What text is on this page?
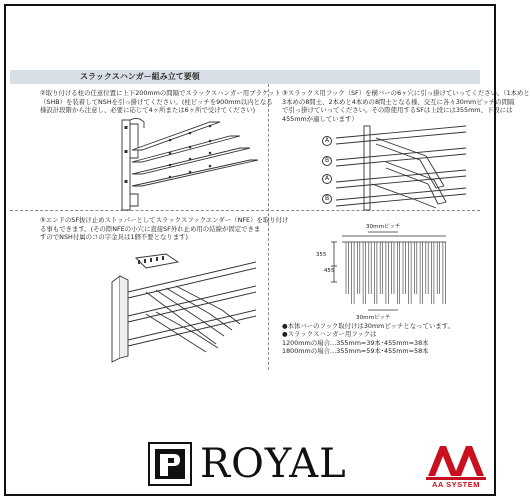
スラックスハンガー組み立て要領

②取り付ける柱の任意位置に上下200mmの間隔でスラックスハンガー用ブラケット

（SHB）を装着してNSHを引っ掛けてください。(柱ピッチを900mm以内となる

様設計段階から注意し、必要に応じて4ヶ所または6ヶ所で受けてください)

③スラックス用フック（SF）を横バーの6ヶ穴に引っ掛けていってください。（1本めと

3本めの8間士、2本めと4本めの8間士となる様、交互に各々30mmピッチの間隔

で引っ掛けていってください。その際使用するSFは上段には355mm、下段には

455mmが適しています）

A
B
A
B

⑤エンドのSF抜け止めストッパーとしてスラックスフックエンダー（NFE）を取り付け

る事もできます。(その際NFEの小穴に直接SF外れ止め用の結線が固定できま

すのでNSH付属のコの字金具は1個不要となります)

30mmピッチ
355
455
30mmピッチ

●本体バーのフック取付けは30mmピッチとなっています。

●スラックスハンガー用フックは

1200mmの場合…355mm=39本･455mm=38本

1800mmの場合…355mm=59本･455mm=58本

ROYAL	AA SYSTEM
